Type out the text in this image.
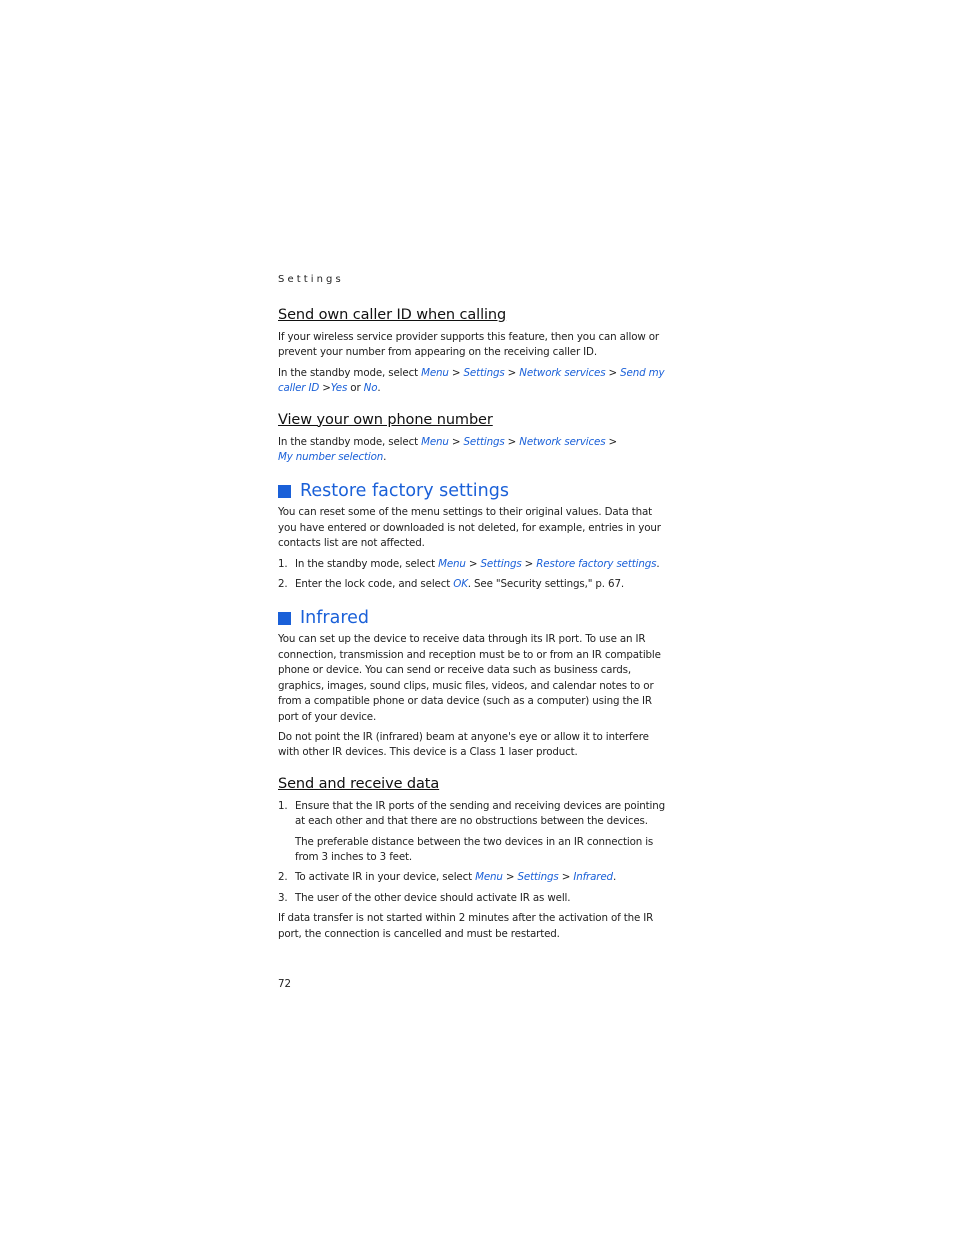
Settings
Send own caller ID when calling

If your wireless service provider supports this feature, then you can allow or prevent your number from appearing on the receiving caller ID.

In the standby mode, select Menu > Settings > Network services > Send my caller ID >Yes or No.

View your own phone number

In the standby mode, select Menu > Settings > Network services >
My number selection.

Restore factory settings

You can reset some of the menu settings to their original values. Data that you have entered or downloaded is not deleted, for example, entries in your contacts list are not affected.

1. In the standby mode, select Menu > Settings > Restore factory settings.
2. Enter the lock code, and select OK. See "Security settings," p. 67.
Infrared

You can set up the device to receive data through its IR port. To use an IR connection, transmission and reception must be to or from an IR compatible phone or device. You can send or receive data such as business cards, graphics, images, sound clips, music files, videos, and calendar notes to or from a compatible phone or data device (such as a computer) using the IR port of your device.

Do not point the IR (infrared) beam at anyone's eye or allow it to interfere with other IR devices. This device is a Class 1 laser product.

Send and receive data
1. Ensure that the IR ports of the sending and receiving devices are pointing at each other and that there are no obstructions between the devices.

The preferable distance between the two devices in an IR connection is from 3 inches to 3 feet.

2. To activate IR in your device, select Menu > Settings > Infrared.
3. The user of the other device should activate IR as well.

If data transfer is not started within 2 minutes after the activation of the IR port, the connection is cancelled and must be restarted.

72
